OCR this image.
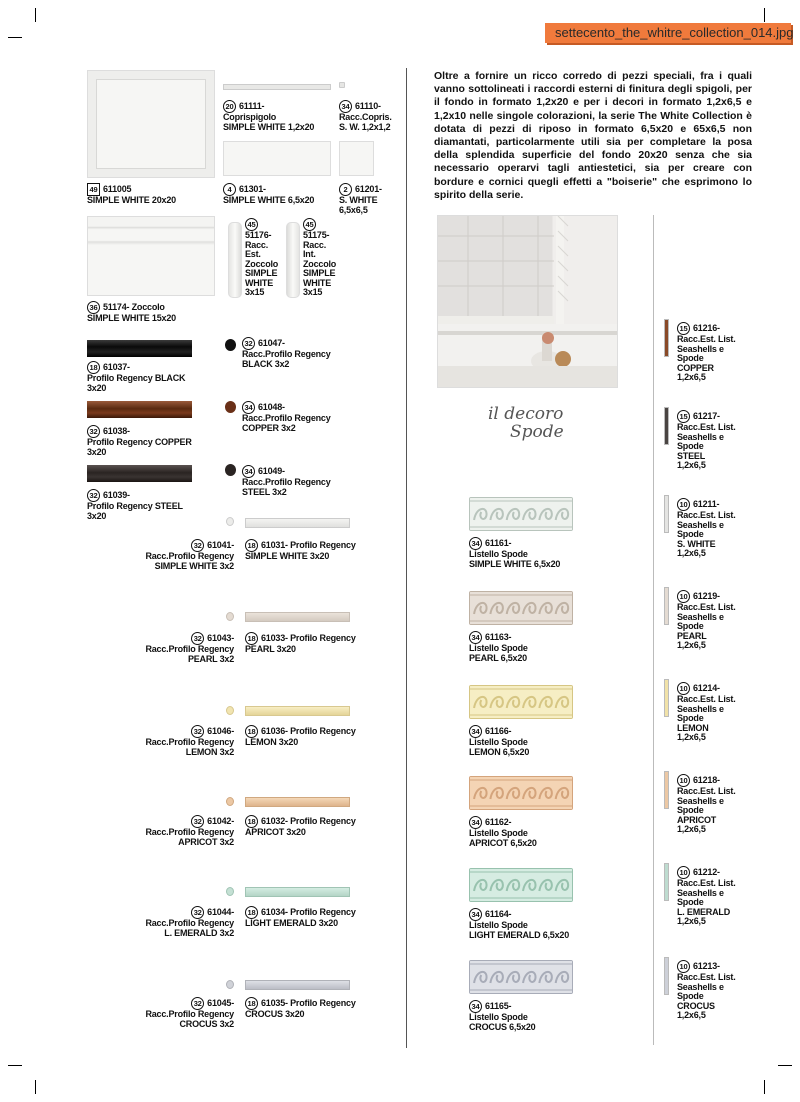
settecento_the_whitre_collection_014.jpg
Oltre a fornire un ricco corredo di pezzi speciali, fra i quali vanno sottolineati i raccordi esterni di finitura degli spigoli, per il fondo in formato 1,2x20 e per i decori in formato 1,2x6,5 e 1,2x10 nelle singole colorazioni, la serie The White Collection è dotata di pezzi di riposo in formato 6,5x20 e 65x6,5 non diamantati, particolarmente utili sia per completare la posa della splendida superficie del fondo 20x20 senza che sia necessario operarvi tagli antiestetici, sia per creare con bordure e cornici quegli effetti a "boiserie" che esprimono lo spirito della serie.
49 611005
SIMPLE WHITE 20x20
20 61111-
Coprispigolo
SIMPLE WHITE 1,2x20
34 61110-
Racc.Copris.
S. W. 1,2x1,2
4 61301-
SIMPLE WHITE 6,5x20
2 61201-
S. WHITE
6,5x6,5
36 51174- Zoccolo
SIMPLE WHITE 15x20
45
51176-
Racc.
Est.
Zoccolo
SIMPLE
WHITE
3x15
45
51175-
Racc.
Int.
Zoccolo
SIMPLE
WHITE
3x15
18 61037-
Profilo Regency BLACK
3x20
32 61047-
Racc.Profilo Regency
BLACK 3x2
32 61038-
Profilo Regency COPPER
3x20
34 61048-
Racc.Profilo Regency
COPPER 3x2
32 61039-
Profilo Regency STEEL
3x20
34 61049-
Racc.Profilo Regency
STEEL 3x2
32 61041-
Racc.Profilo Regency
SIMPLE WHITE 3x2
18 61031- Profilo Regency
SIMPLE WHITE 3x20
32 61043-
Racc.Profilo Regency
PEARL 3x2
18 61033- Profilo Regency
PEARL 3x20
32 61046-
Racc.Profilo Regency
LEMON 3x2
18 61036- Profilo Regency
LEMON 3x20
32 61042-
Racc.Profilo Regency
APRICOT 3x2
18 61032- Profilo Regency
APRICOT 3x20
32 61044-
Racc.Profilo Regency
L. EMERALD 3x2
18 61034- Profilo Regency
LIGHT EMERALD 3x20
32 61045-
Racc.Profilo Regency
CROCUS 3x2
18 61035- Profilo Regency
CROCUS 3x20
il decoro
Spode
34 61161-
Listello Spode
SIMPLE WHITE 6,5x20
34 61163-
Listello Spode
PEARL 6,5x20
34 61166-
Listello Spode
LEMON 6,5x20
34 61162-
Listello Spode
APRICOT 6,5x20
34 61164-
Listello Spode
LIGHT EMERALD 6,5x20
34 61165-
Listello Spode
CROCUS 6,5x20
15 61216-
Racc.Est. List.
Seashells e
Spode
COPPER
1,2x6,5
15 61217-
Racc.Est. List.
Seashells e
Spode
STEEL
1,2x6,5
10 61211-
Racc.Est. List.
Seashells e
Spode
S. WHITE
1,2x6,5
10 61219-
Racc.Est. List.
Seashells e
Spode
PEARL
1,2x6,5
10 61214-
Racc.Est. List.
Seashells e
Spode
LEMON
1,2x6,5
10 61218-
Racc.Est. List.
Seashells e
Spode
APRICOT
1,2x6,5
10 61212-
Racc.Est. List.
Seashells e
Spode
L. EMERALD
1,2x6,5
10 61213-
Racc.Est. List.
Seashells e
Spode
CROCUS
1,2x6,5
